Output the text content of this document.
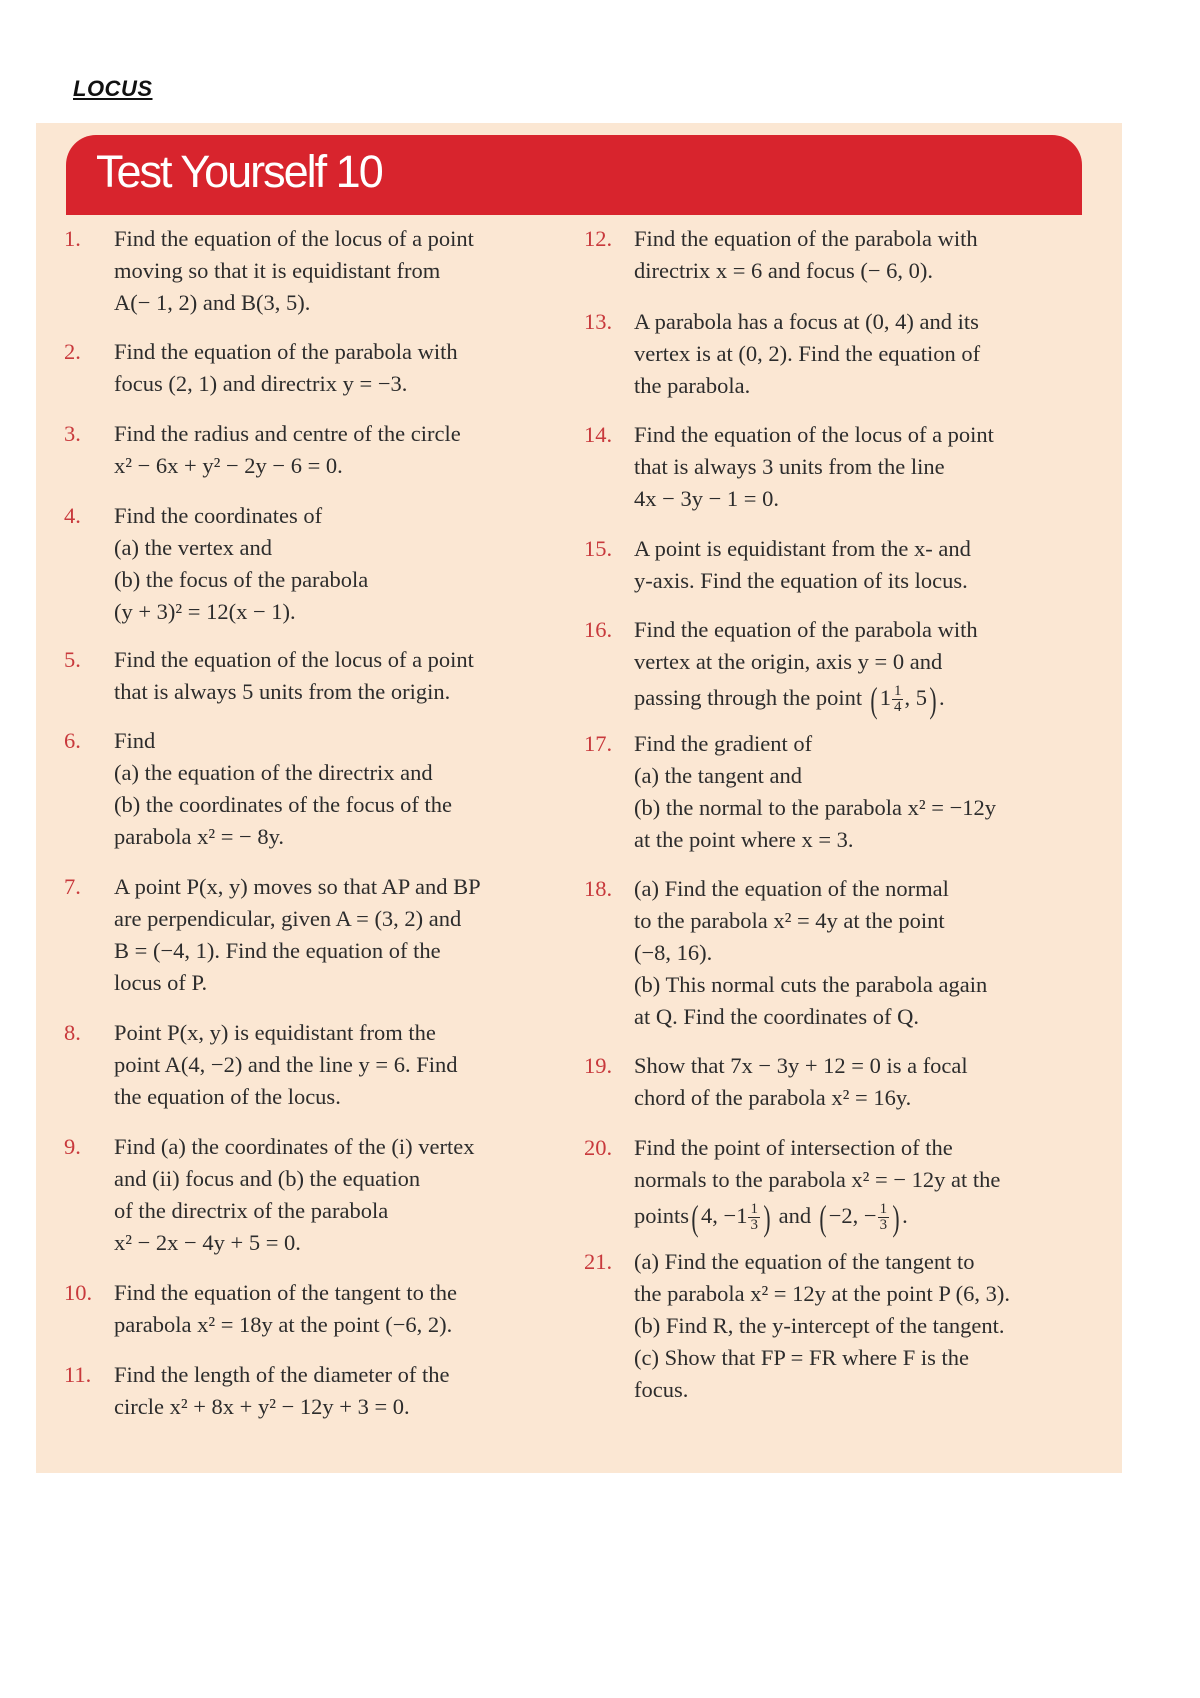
LOCUS
Test Yourself 10
1.	Find the equation of the locus of a point
moving so that it is equidistant from
A(− 1, 2) and B(3, 5).
2.	Find the equation of the parabola with
focus (2, 1) and directrix y = −3.
3.	Find the radius and centre of the circle
x² − 6x + y² − 2y − 6 = 0.
4.	Find the coordinates of
(a) the vertex and
(b) the focus of the parabola
(y + 3)² = 12(x − 1).
5.	Find the equation of the locus of a point
that is always 5 units from the origin.
6.	Find
(a) the equation of the directrix and
(b) the coordinates of the focus of the
parabola x² = − 8y.
7.	A point P(x, y) moves so that AP and BP
are perpendicular, given A = (3, 2) and
B = (−4, 1). Find the equation of the
locus of P.
8.	Point P(x, y) is equidistant from the
point A(4, −2) and the line y = 6. Find
the equation of the locus.
9.	Find (a) the coordinates of the (i) vertex
and (ii) focus and (b) the equation
of the directrix of the parabola
x² − 2x − 4y + 5 = 0.
10. Find the equation of the tangent to the
parabola x² = 18y at the point (−6, 2).
11.	Find the length of the diameter of the
circle x² + 8x + y² − 12y + 3 = 0.
12. Find the equation of the parabola with
directrix x = 6 and focus (− 6, 0).
13. A parabola has a focus at (0, 4) and its
vertex is at (0, 2). Find the equation of
the parabola.
14. Find the equation of the locus of a point
that is always 3 units from the line
4x − 3y − 1 = 0.
15. A point is equidistant from the x- and
y-axis. Find the equation of its locus.
16. Find the equation of the parabola with
vertex at the origin, axis y = 0 and
passing through the point ( $1 \frac{1}{4}$ , 5) .
17. Find the gradient of
(a) the tangent and
(b) the normal to the parabola x² = −12y
at the point where x = 3.
18. (a) Find the equation of the normal
to the parabola x² = 4y at the point
(−8, 16).
(b) This normal cuts the parabola again
at Q. Find the coordinates of Q.
19. Show that 7x − 3y + 12 = 0 is a focal
chord of the parabola x² = 16y.
20. Find the point of intersection of the
normals to the parabola x² = − 12y at the
points( 4, $-1 \frac{1}{3}$ ) and ( −2, − $\frac{1}{3}$ ) .
21. (a) Find the equation of the tangent to
the parabola x² = 12y at the point P (6, 3).
(b) Find R, the y-intercept of the tangent.
(c) Show that FP = FR where F is the
focus.
